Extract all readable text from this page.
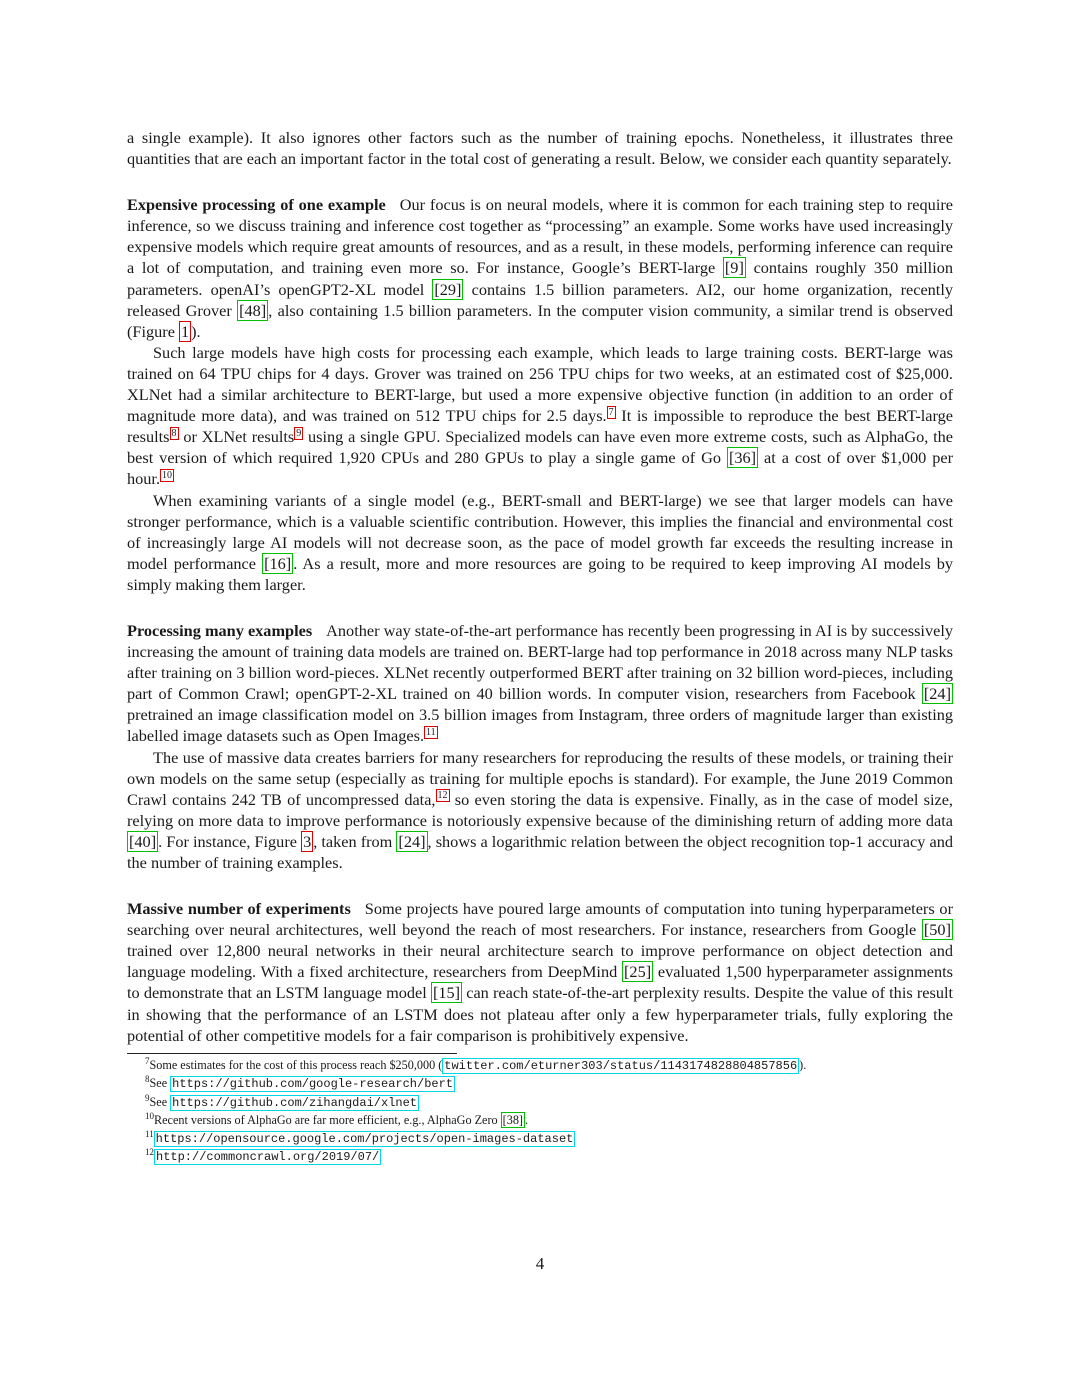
a single example). It also ignores other factors such as the number of training epochs. Nonetheless, it illustrates three quantities that are each an important factor in the total cost of generating a result. Below, we consider each quantity separately.

Expensive processing of one example Our focus is on neural models, where it is common for each training step to require inference, so we discuss training and inference cost together as “processing” an example. Some works have used increasingly expensive models which require great amounts of resources, and as a result, in these models, performing inference can require a lot of computation, and training even more so. For instance, Google’s BERT-large [9] contains roughly 350 million parameters. openAI’s openGPT2-XL model [29] contains 1.5 billion parameters. AI2, our home organization, recently released Grover [48] , also containing 1.5 billion parameters. In the computer vision community, a similar trend is observed (Figure 1 ).

Such large models have high costs for processing each example, which leads to large training costs. BERT-large was trained on 64 TPU chips for 4 days. Grover was trained on 256 TPU chips for two weeks, at an estimated cost of $25,000. XLNet had a similar architecture to BERT-large, but used a more expensive objective function (in addition to an order of magnitude more data), and was trained on 512 TPU chips for 2.5 days. $^7$ It is impossible to reproduce the best BERT-large results $^8$ or XLNet results $^9$ using a single GPU. Specialized models can have even more extreme costs, such as AlphaGo, the best version of which required 1,920 CPUs and 280 GPUs to play a single game of Go [36] at a cost of over $1,000 per hour. $^{10}$

When examining variants of a single model (e.g., BERT-small and BERT-large) we see that larger models can have stronger performance, which is a valuable scientific contribution. However, this implies the financial and environmental cost of increasingly large AI models will not decrease soon, as the pace of model growth far exceeds the resulting increase in model performance [16] . As a result, more and more resources are going to be required to keep improving AI models by simply making them larger.

Processing many examples Another way state-of-the-art performance has recently been progressing in AI is by successively increasing the amount of training data models are trained on. BERT-large had top performance in 2018 across many NLP tasks after training on 3 billion word-pieces. XLNet recently outperformed BERT after training on 32 billion word-pieces, including part of Common Crawl; openGPT-2-XL trained on 40 billion words. In computer vision, researchers from Facebook [24] pretrained an image classification model on 3.5 billion images from Instagram, three orders of magnitude larger than existing labelled image datasets such as Open Images. $^{11}$

The use of massive data creates barriers for many researchers for reproducing the results of these models, or training their own models on the same setup (especially as training for multiple epochs is standard). For example, the June 2019 Common Crawl contains 242 TB of uncompressed data, $^{12}$ so even storing the data is expensive. Finally, as in the case of model size, relying on more data to improve performance is notoriously expensive because of the diminishing return of adding more data [40] . For instance, Figure 3 , taken from [24] , shows a logarithmic relation between the object recognition top-1 accuracy and the number of training examples.

Massive number of experiments Some projects have poured large amounts of computation into tuning hyperparameters or searching over neural architectures, well beyond the reach of most researchers. For instance, researchers from Google [50] trained over 12,800 neural networks in their neural architecture search to improve performance on object detection and language modeling. With a fixed architecture, researchers from DeepMind [25] evaluated 1,500 hyperparameter assignments to demonstrate that an LSTM language model [15] can reach state-of-the-art perplexity results. Despite the value of this result in showing that the performance of an LSTM does not plateau after only a few hyperparameter trials, fully exploring the potential of other competitive models for a fair comparison is prohibitively expensive.

$^7$Some estimates for the cost of this process reach $250,000 ( twitter.com/eturner303/status/1143174828804857856 ).
$^8$See https://github.com/google-research/bert
$^9$See https://github.com/zihangdai/xlnet
$^{10}$Recent versions of AlphaGo are far more efficient, e.g., AlphaGo Zero [38] .
$^{11}$ https://opensource.google.com/projects/open-images-dataset
$^{12}$ http://commoncrawl.org/2019/07/
4
